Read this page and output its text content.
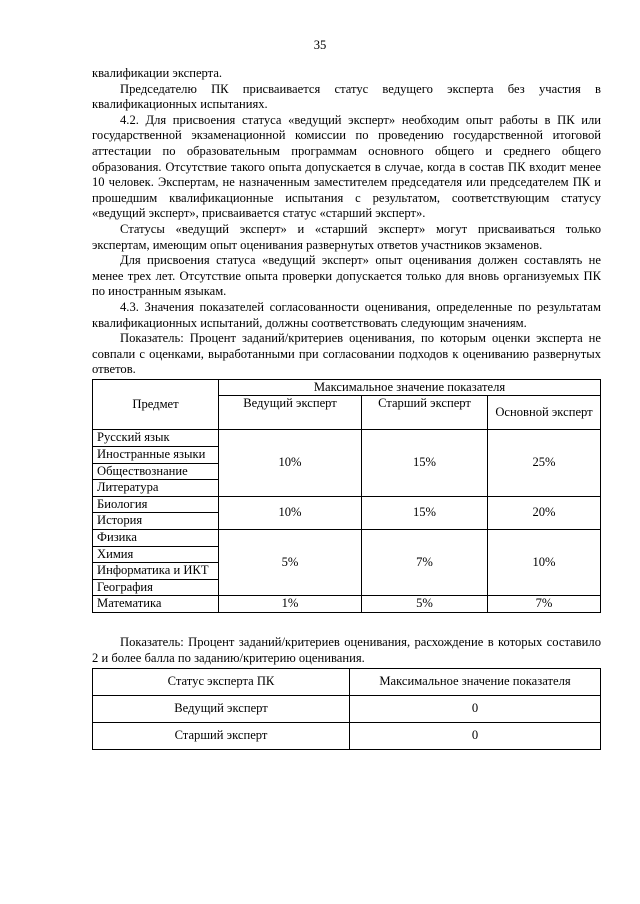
35

квалификации эксперта.

Председателю ПК присваивается статус ведущего эксперта без участия в квалификационных испытаниях.

4.2. Для присвоения статуса «ведущий эксперт» необходим опыт работы в ПК или государственной экзаменационной комиссии по проведению государственной итоговой аттестации по образовательным программам основного общего и среднего общего образования. Отсутствие такого опыта допускается в случае, когда в состав ПК входит менее 10 человек. Экспертам, не назначенным заместителем председателя или председателем ПК и прошедшим квалификационные испытания с результатом, соответствующим статусу «ведущий эксперт», присваивается статус «старший эксперт».

Статусы «ведущий эксперт» и «старший эксперт» могут присваиваться только экспертам, имеющим опыт оценивания развернутых ответов участников экзаменов.

Для присвоения статуса «ведущий эксперт» опыт оценивания должен составлять не менее трех лет. Отсутствие опыта проверки допускается только для вновь организуемых ПК по иностранным языкам.

4.3. Значения показателей согласованности оценивания, определенные по результатам квалификационных испытаний, должны соответствовать следующим значениям.

Показатель: Процент заданий/критериев оценивания, по которым оценки эксперта не совпали с оценками, выработанными при согласовании подходов к оцениванию развернутых ответов.

Предмет	Максимальное значение показателя		
	Ведущий эксперт	Старший эксперт	Основной эксперт
Русский язык	10%	15%	25%
Иностранные языки			
Обществознание			
Литература			
Биология	10%	15%	20%
История			
Физика	5%	7%	10%
Химия			
Информатика и ИКТ			
География			
Математика	1%	5%	7%

Показатель: Процент заданий/критериев оценивания, расхождение в которых составило 2 и более балла по заданию/критерию оценивания.

Статус эксперта ПК	Максимальное значение показателя
Ведущий эксперт	0
Старший эксперт	0
